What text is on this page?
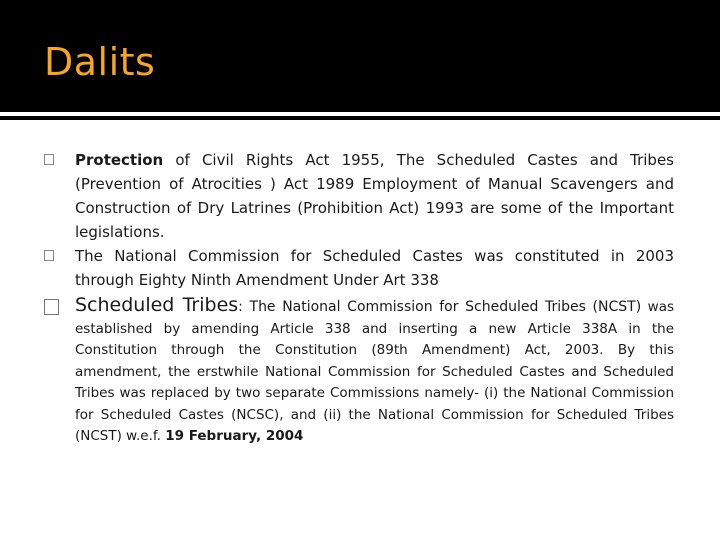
Dalits
Protection of Civil Rights Act 1955, The Scheduled Castes and Tribes (Prevention of Atrocities ) Act 1989 Employment of Manual Scavengers and Construction of Dry Latrines (Prohibition Act) 1993 are some of the Important legislations.
The National Commission for Scheduled Castes was constituted in 2003 through Eighty Ninth Amendment Under Art 338
Scheduled Tribes: The National Commission for Scheduled Tribes (NCST) was established by amending Article 338 and inserting a new Article 338A in the Constitution through the Constitution (89th Amendment) Act, 2003. By this amendment, the erstwhile National Commission for Scheduled Castes and Scheduled Tribes was replaced by two separate Commissions namely- (i) the National Commission for Scheduled Castes (NCSC), and (ii) the National Commission for Scheduled Tribes (NCST) w.e.f. 19 February, 2004
